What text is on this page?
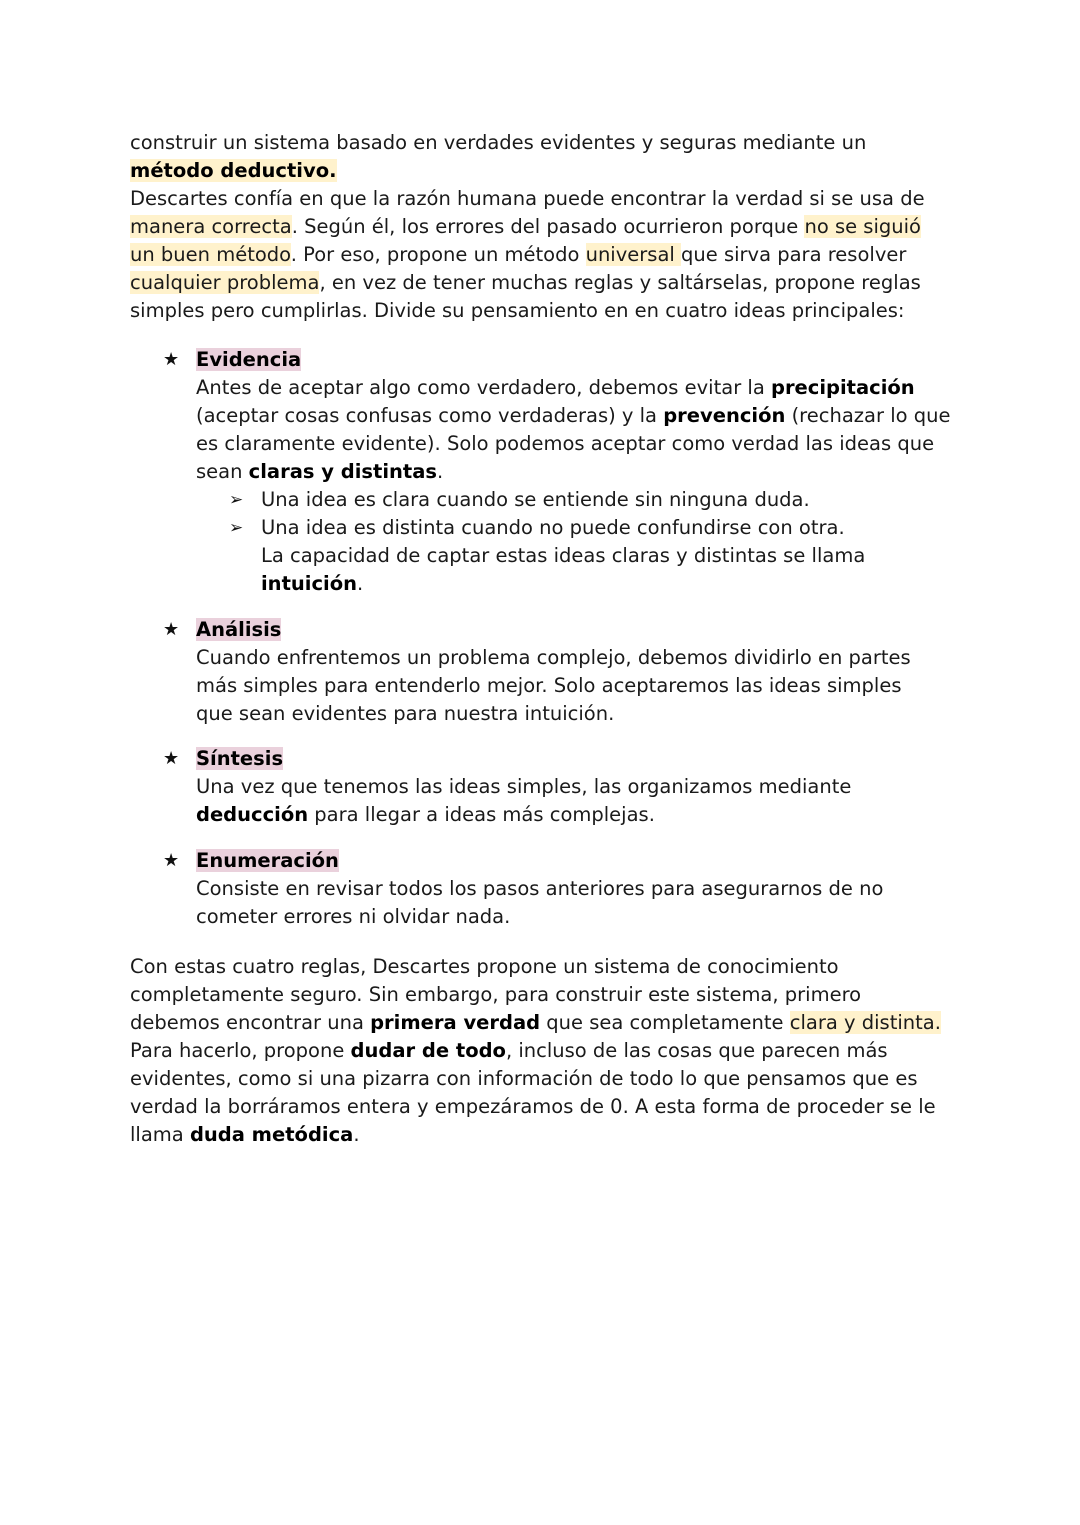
construir un sistema basado en verdades evidentes y seguras mediante un
método deductivo.
Descartes confía en que la razón humana puede encontrar la verdad si se usa de
manera correcta. Según él, los errores del pasado ocurrieron porque no se siguió
un buen método. Por eso, propone un método universal que sirva para resolver
cualquier problema, en vez de tener muchas reglas y saltárselas, propone reglas
simples pero cumplirlas. Divide su pensamiento en en cuatro ideas principales:
★ Evidencia
Antes de aceptar algo como verdadero, debemos evitar la precipitación
(aceptar cosas confusas como verdaderas) y la prevención (rechazar lo que
es claramente evidente). Solo podemos aceptar como verdad las ideas que
sean claras y distintas.
➢ Una idea es clara cuando se entiende sin ninguna duda.
➢ Una idea es distinta cuando no puede confundirse con otra.
La capacidad de captar estas ideas claras y distintas se llama
intuición.
★ Análisis
Cuando enfrentemos un problema complejo, debemos dividirlo en partes
más simples para entenderlo mejor. Solo aceptaremos las ideas simples
que sean evidentes para nuestra intuición.
★ Síntesis
Una vez que tenemos las ideas simples, las organizamos mediante
deducción para llegar a ideas más complejas.
★ Enumeración
Consiste en revisar todos los pasos anteriores para asegurarnos de no
cometer errores ni olvidar nada.
Con estas cuatro reglas, Descartes propone un sistema de conocimiento
completamente seguro. Sin embargo, para construir este sistema, primero
debemos encontrar una primera verdad que sea completamente clara y distinta.
Para hacerlo, propone dudar de todo, incluso de las cosas que parecen más
evidentes, como si una pizarra con información de todo lo que pensamos que es
verdad la borráramos entera y empezáramos de 0. A esta forma de proceder se le
llama duda metódica.
